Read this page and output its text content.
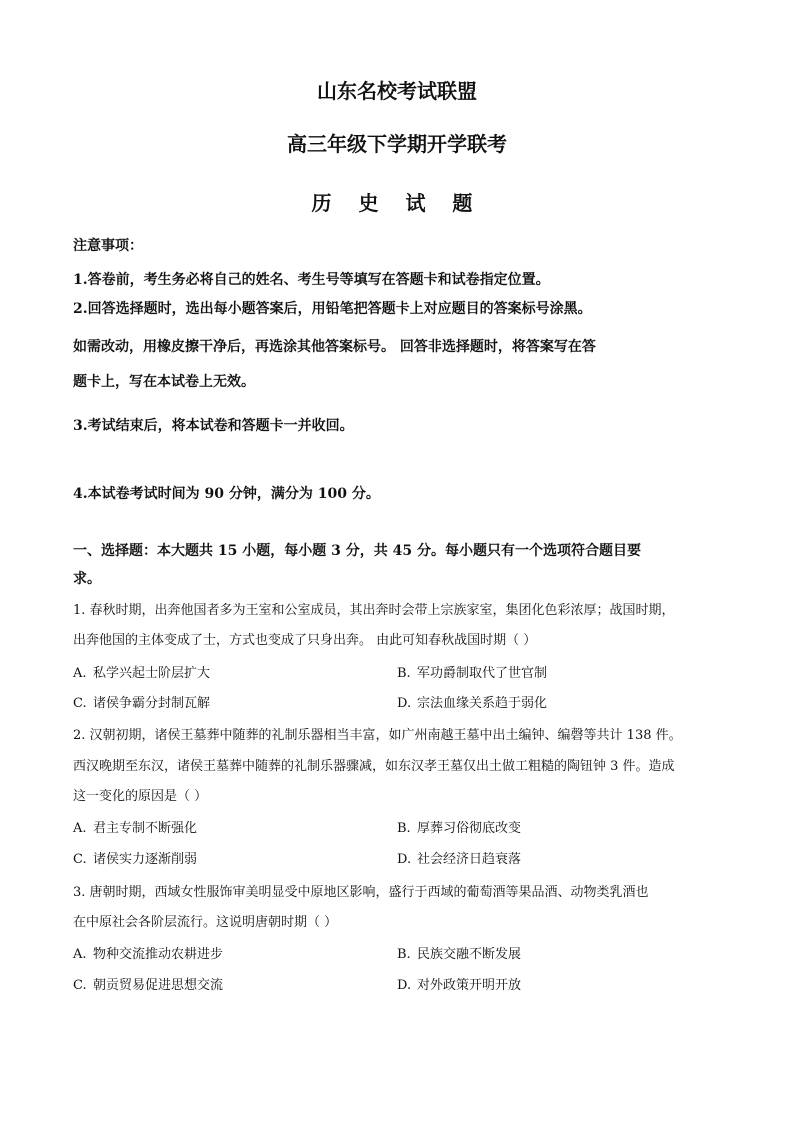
山东名校考试联盟
高三年级下学期开学联考
历 史 试 题
注意事项：
1.答卷前，考生务必将自己的姓名、考生号等填写在答题卡和试卷指定位置。
2.回答选择题时，选出每小题答案后，用铅笔把答题卡上对应题目的答案标号涂黑。
如需改动，用橡皮擦干净后，再选涂其他答案标号。 回答非选择题时，将答案写在答
题卡上，写在本试卷上无效。
3.考试结束后，将本试卷和答题卡一并收回。
4.本试卷考试时间为 90 分钟，满分为 100 分。
一、选择题：本大题共 15 小题，每小题 3 分，共 45 分。每小题只有一个选项符合题目要
求。
1. 春秋时期，出奔他国者多为王室和公室成员，其出奔时会带上宗族家室，集团化色彩浓厚；战国时期，
出奔他国的主体变成了士，方式也变成了只身出奔。 由此可知春秋战国时期（ ）
A. 私学兴起士阶层扩大	B. 军功爵制取代了世官制
C. 诸侯争霸分封制瓦解	D. 宗法血缘关系趋于弱化
2. 汉朝初期，诸侯王墓葬中随葬的礼制乐器相当丰富，如广州南越王墓中出土编钟、编磬等共计 138 件。
西汉晚期至东汉，诸侯王墓葬中随葬的礼制乐器骤减，如东汉孝王墓仅出土做工粗糙的陶钮钟 3 件。造成
这一变化的原因是（ ）
A. 君主专制不断强化	B. 厚葬习俗彻底改变
C. 诸侯实力逐渐削弱	D. 社会经济日趋衰落
3. 唐朝时期，西域女性服饰审美明显受中原地区影响，盛行于西域的葡萄酒等果品酒、动物类乳酒也
在中原社会各阶层流行。这说明唐朝时期（ ）
A. 物种交流推动农耕进步	B. 民族交融不断发展
C. 朝贡贸易促进思想交流	D. 对外政策开明开放
